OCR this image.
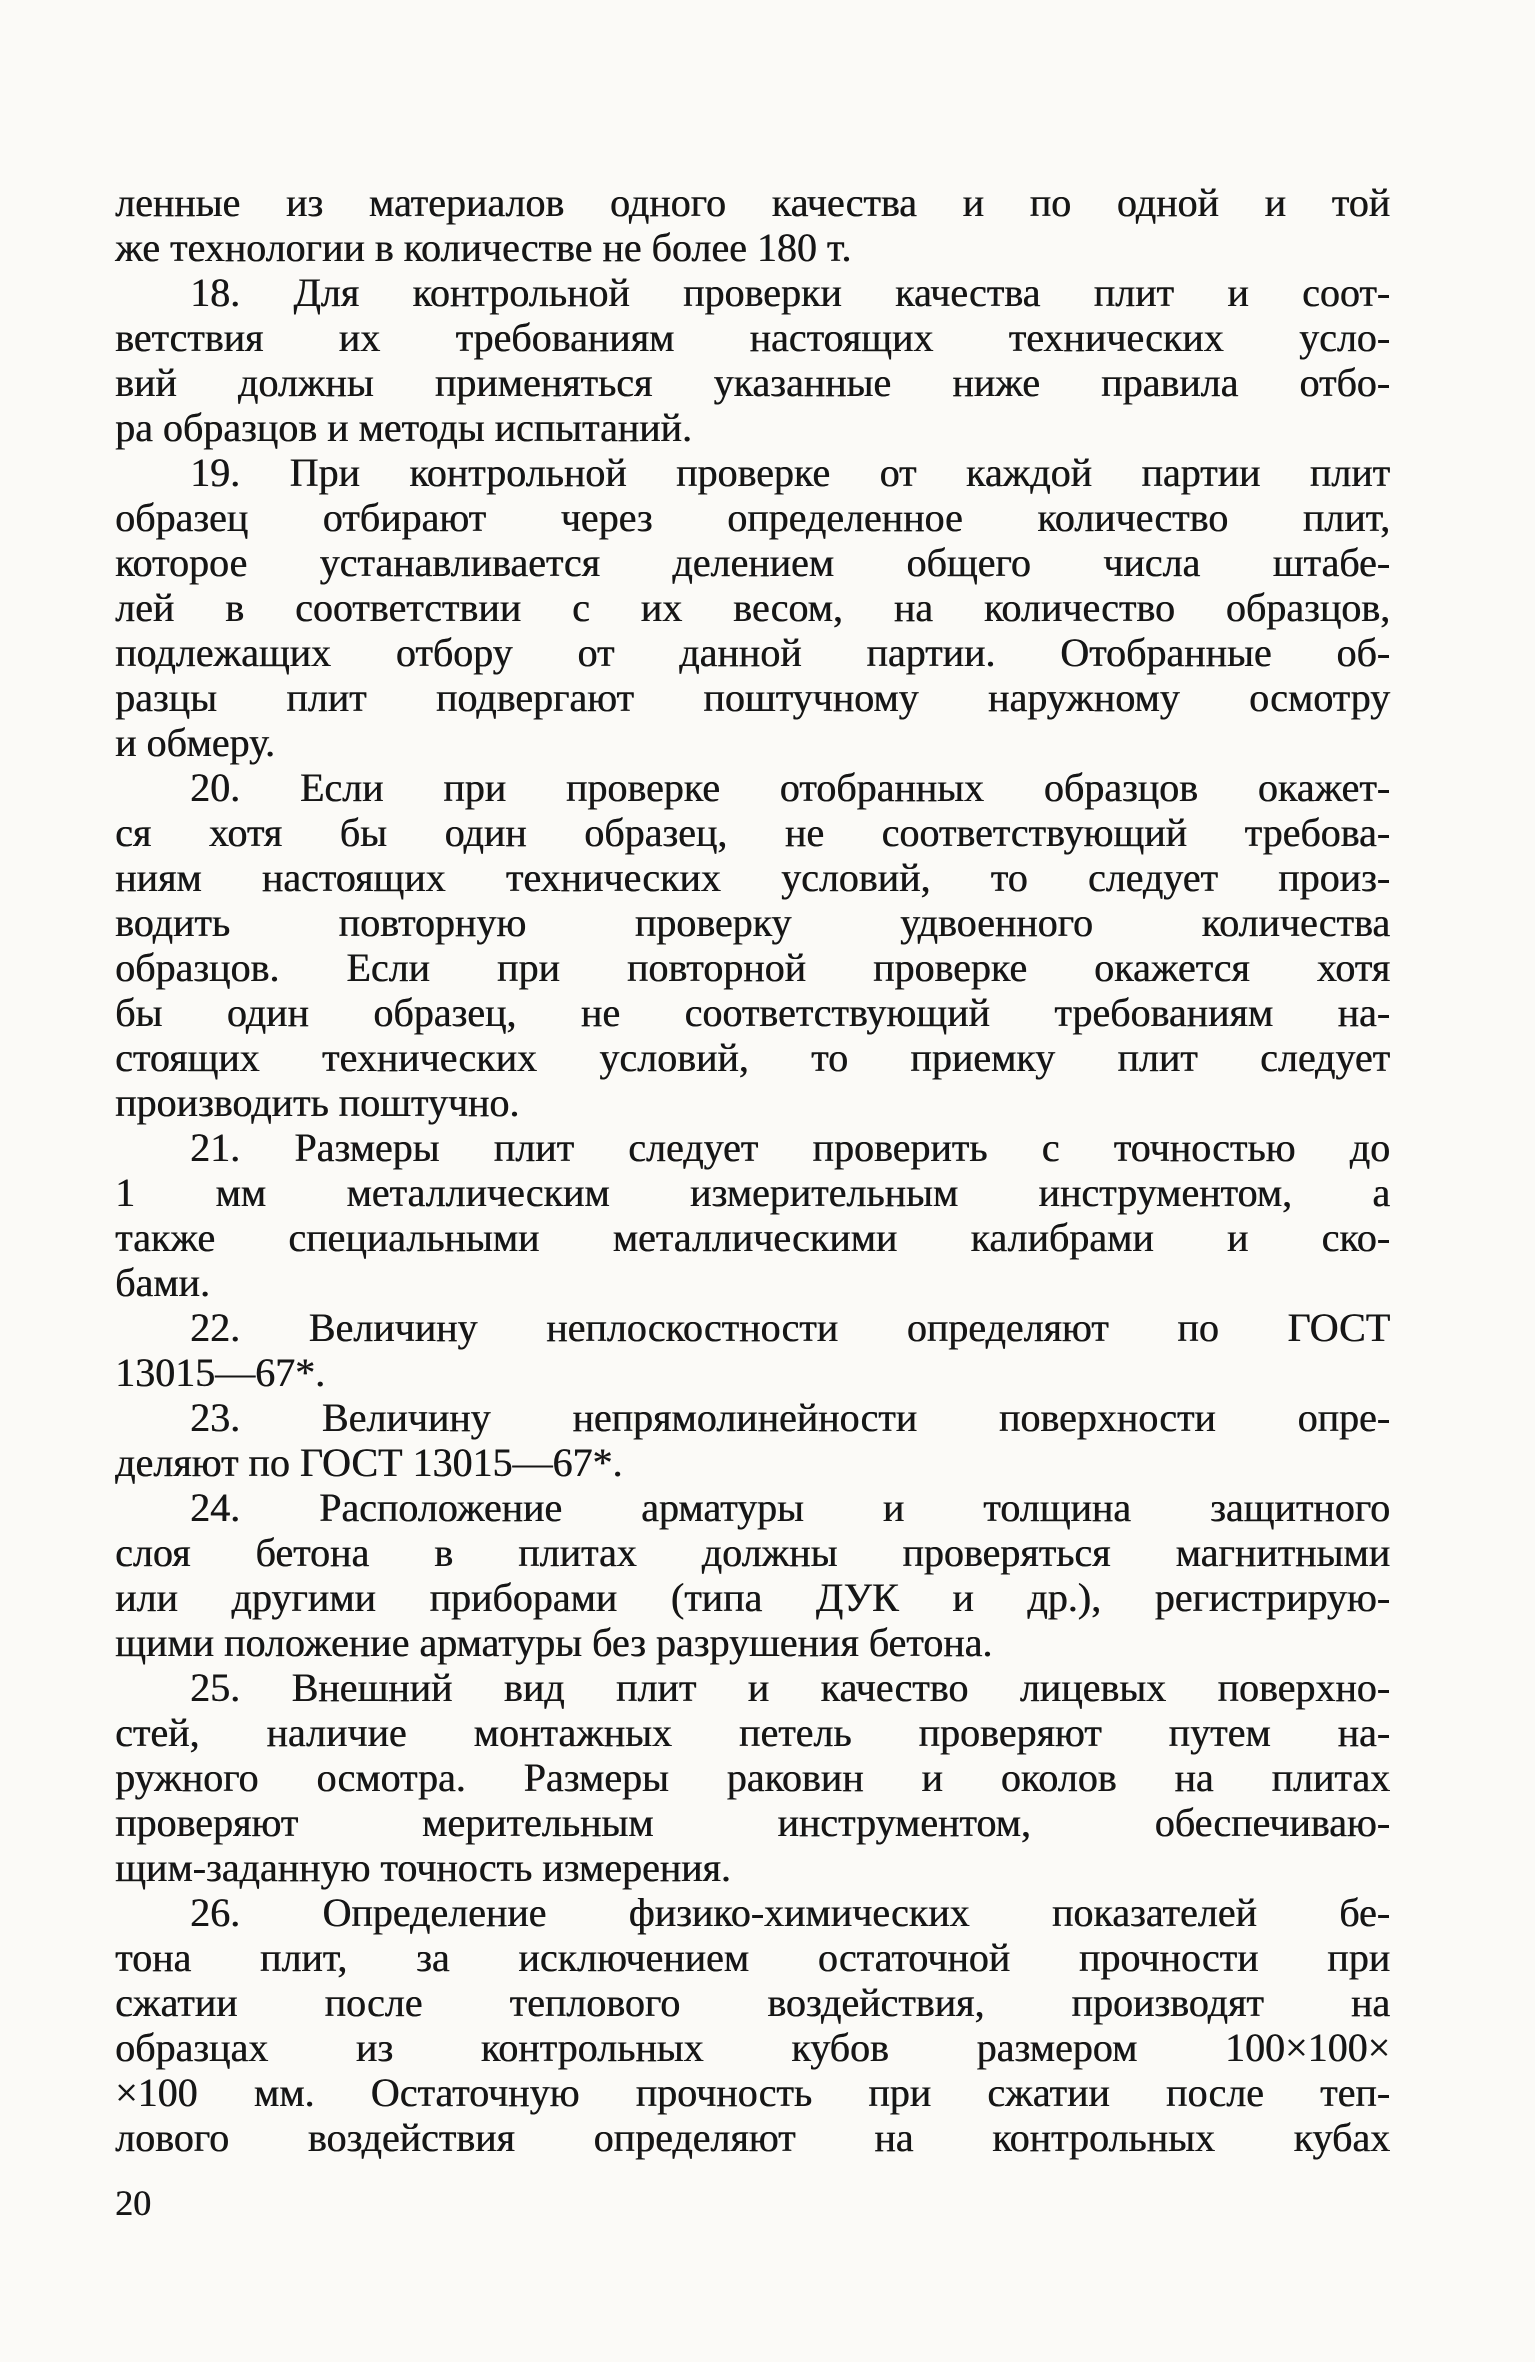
ленные из материалов одного качества и по одной и той
же технологии в количестве не более 180 т.
18. Для контрольной проверки качества плит и соот-
ветствия их требованиям настоящих технических усло-
вий должны применяться указанные ниже правила отбо-
ра образцов и методы испытаний.
19. При контрольной проверке от каждой партии плит
образец отбирают через определенное количество плит,
которое устанавливается делением общего числа штабе-
лей в соответствии с их весом, на количество образцов,
подлежащих отбору от данной партии. Отобранные об-
разцы плит подвергают поштучному наружному осмотру
и обмеру.
20. Если при проверке отобранных образцов окажет-
ся хотя бы один образец, не соответствующий требова-
ниям настоящих технических условий, то следует произ-
водить повторную проверку удвоенного количества
образцов. Если при повторной проверке окажется хотя
бы один образец, не соответствующий требованиям на-
стоящих технических условий, то приемку плит следует
производить поштучно.
21. Размеры плит следует проверить с точностью до
1 мм металлическим измерительным инструментом, а
также специальными металлическими калибрами и ско-
бами.
22. Величину неплоскостности определяют по ГОСТ
13015—67*.
23. Величину непрямолинейности поверхности опре-
деляют по ГОСТ 13015—67*.
24. Расположение арматуры и толщина защитного
слоя бетона в плитах должны проверяться магнитными
или другими приборами (типа ДУК и др.), регистрирую-
щими положение арматуры без разрушения бетона.
25. Внешний вид плит и качество лицевых поверхно-
стей, наличие монтажных петель проверяют путем на-
ружного осмотра. Размеры раковин и околов на плитах
проверяют мерительным инструментом, обеспечиваю-
щим-заданную точность измерения.
26. Определение физико-химических показателей бе-
тона плит, за исключением остаточной прочности при
сжатии после теплового воздействия, производят на
образцах из контрольных кубов размером 100×100×
×100 мм. Остаточную прочность при сжатии после теп-
лового воздействия определяют на контрольных кубах
20
